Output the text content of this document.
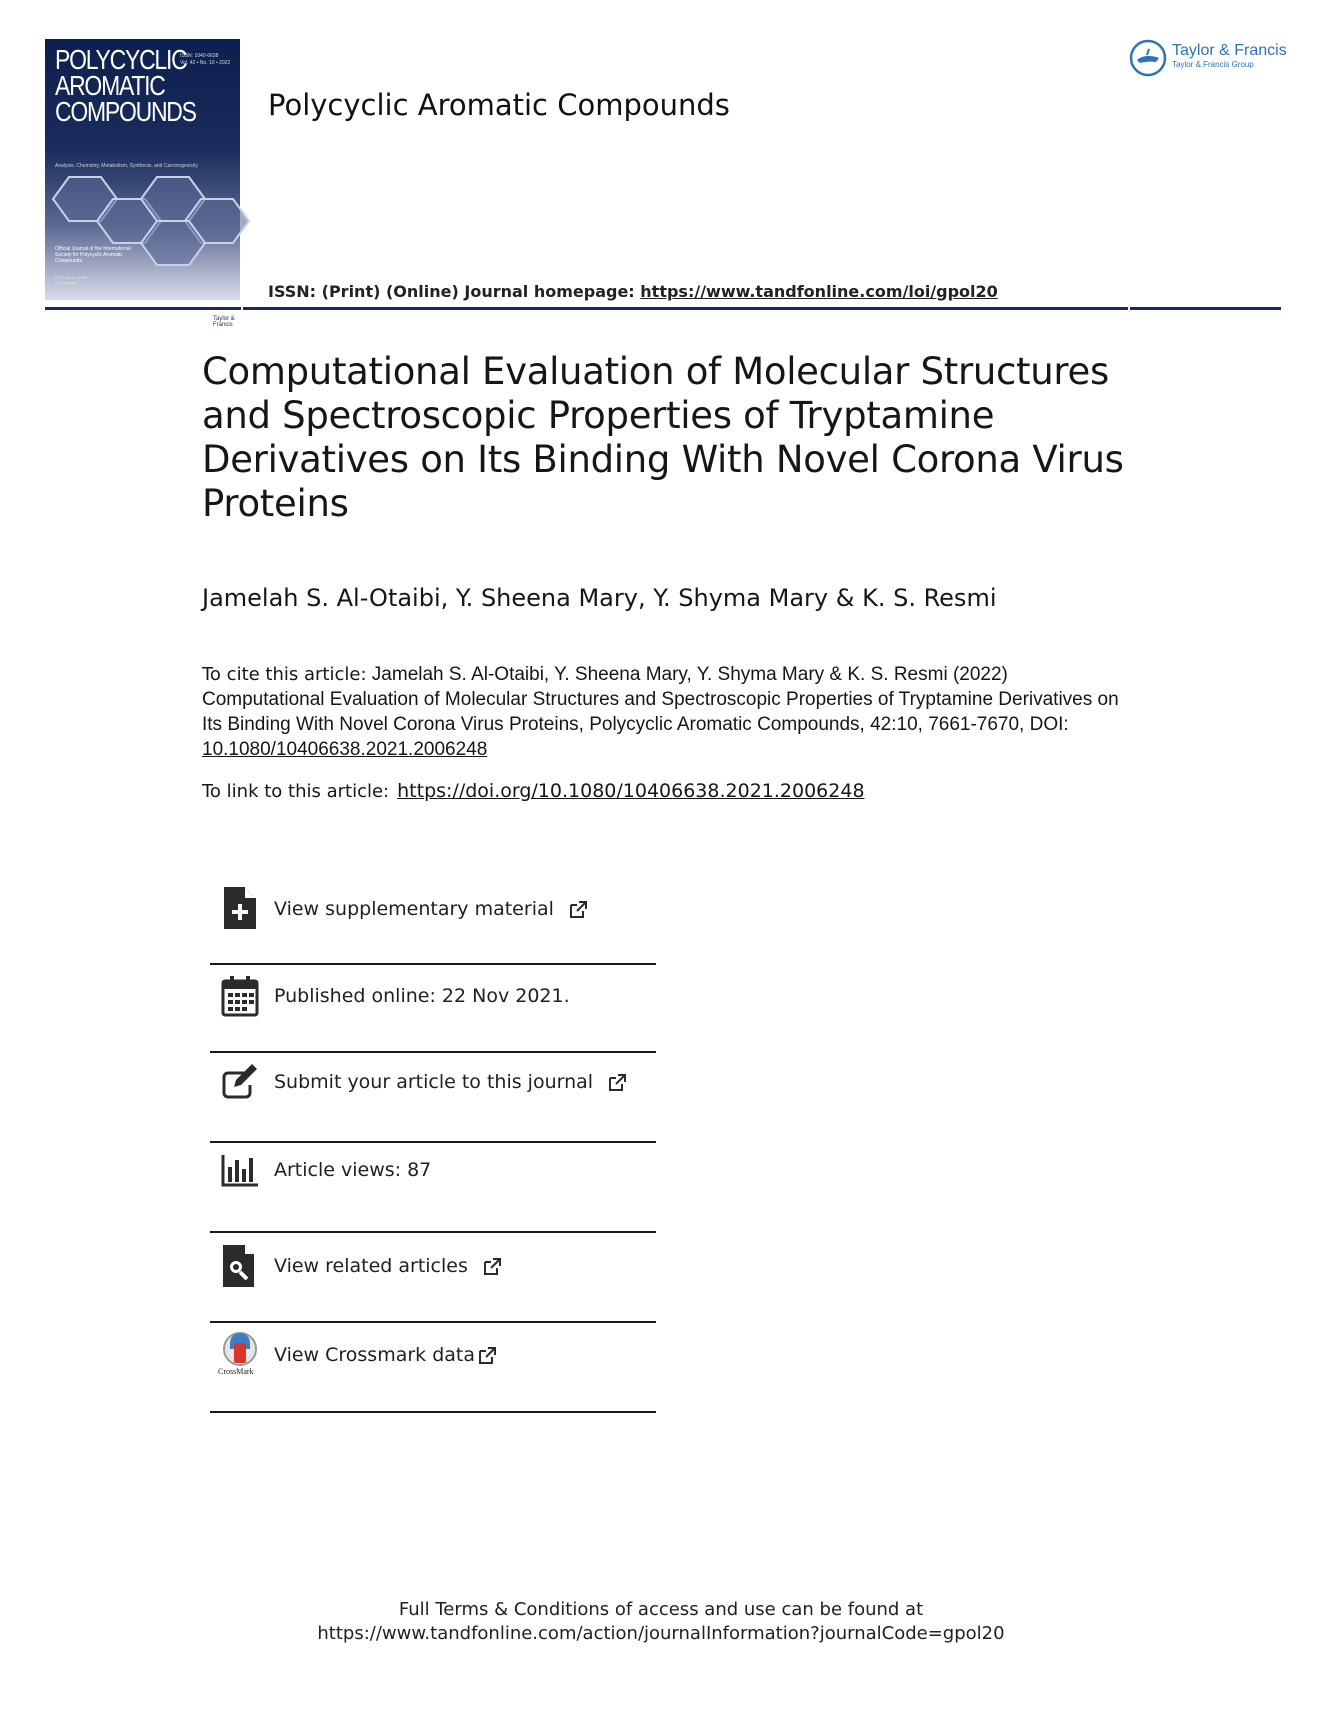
POLYCYCLIC
AROMATIC
COMPOUNDS
ISSN: 1040-6638
Vol. 42 • No. 10 • 2022
Analysis, Chemistry, Metabolism, Synthesis, and Carcinogenicity
Official Journal of the International
Society for Polycyclic Aromatic
Compounds
EDITOR-IN-CHIEF
P. Garrigues
Taylor & Francis
Polycyclic Aromatic Compounds
ISSN: (Print) (Online) Journal homepage: https://www.tandfonline.com/loi/gpol20
Taylor & Francis
Taylor & Francis Group
Computational Evaluation of Molecular Structures
and Spectroscopic Properties of Tryptamine
Derivatives on Its Binding With Novel Corona Virus
Proteins
Jamelah S. Al-Otaibi, Y. Sheena Mary, Y. Shyma Mary & K. S. Resmi
To cite this article: Jamelah S. Al-Otaibi, Y. Sheena Mary, Y. Shyma Mary & K. S. Resmi (2022) Computational Evaluation of Molecular Structures and Spectroscopic Properties of Tryptamine Derivatives on Its Binding With Novel Corona Virus Proteins, Polycyclic Aromatic Compounds, 42:10, 7661-7670, DOI: 10.1080/10406638.2021.2006248
To link to this article: https://doi.org/10.1080/10406638.2021.2006248
View supplementary material
Published online: 22 Nov 2021.
Submit your article to this journal
Article views: 87
View related articles
CrossMark
View Crossmark data
Full Terms & Conditions of access and use can be found at
https://www.tandfonline.com/action/journalInformation?journalCode=gpol20
